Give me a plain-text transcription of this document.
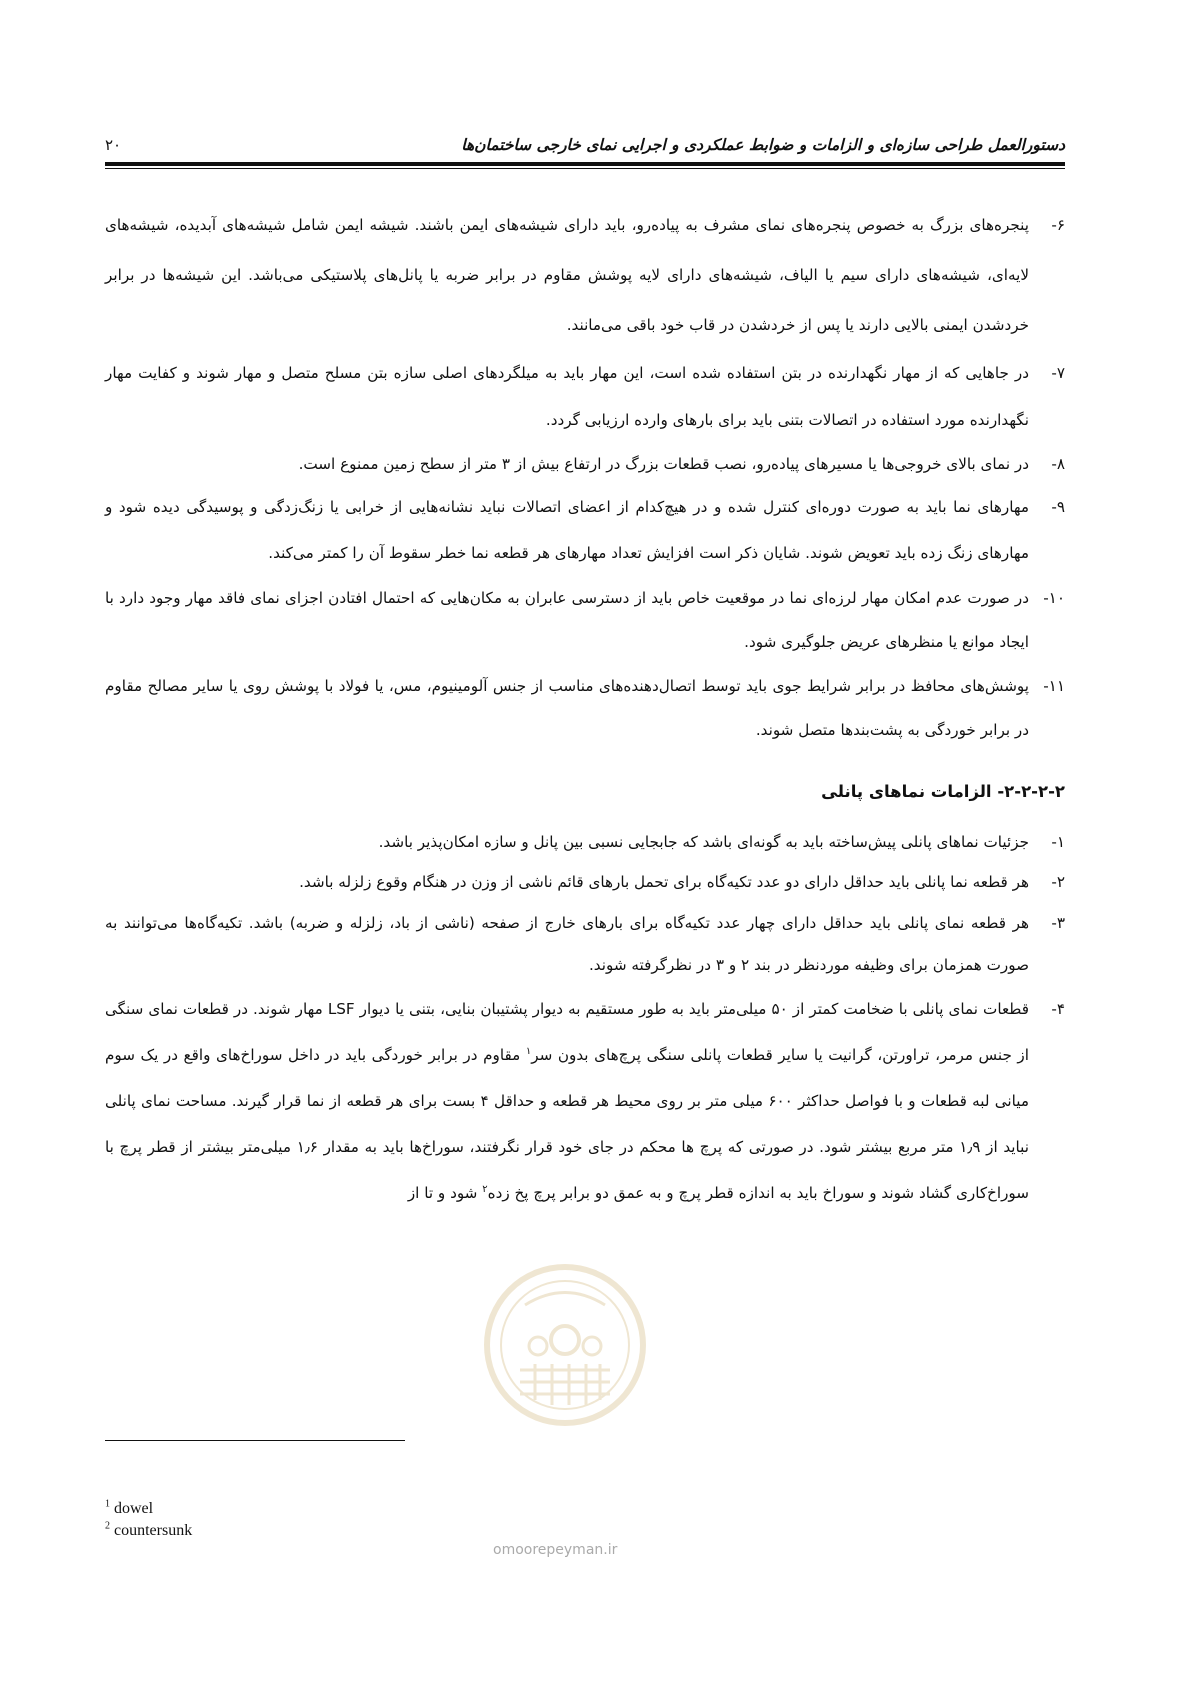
دستورالعمل طراحی سازه‌ای و الزامات و ضوابط عملکردی و اجرایی نمای خارجی ساختمان‌ها
۲۰
۶-
پنجره‌های بزرگ به خصوص پنجره‌های نمای مشرف به پیاده‌رو، باید دارای شیشه‌های ایمن باشند. شیشه ایمن شامل شیشه‌های آبدیده، شیشه‌های لایه‌ای، شیشه‌های دارای سیم یا الیاف، شیشه‌های دارای لایه پوشش مقاوم در برابر ضربه یا پانل‌های پلاستیکی می‌باشد. این شیشه‌ها در برابر خردشدن ایمنی بالایی دارند یا پس از خردشدن در قاب خود باقی می‌مانند.
۷-
در جاهایی که از مهار نگهدارنده در بتن استفاده شده است، این مهار باید به میلگردهای اصلی سازه بتن مسلح متصل و مهار شوند و کفایت مهار نگهدارنده مورد استفاده در اتصالات بتنی باید برای بارهای وارده ارزیابی گردد.
۸-
در نمای بالای خروجی‌ها یا مسیرهای پیاده‌رو، نصب قطعات بزرگ در ارتفاع بیش از ۳ متر از سطح زمین ممنوع است.
۹-
مهارهای نما باید به صورت دوره‌ای کنترل شده و در هیچ‌کدام از اعضای اتصالات نباید نشانه‌هایی از خرابی یا زنگ‌زدگی و پوسیدگی دیده شود و مهارهای زنگ زده باید تعویض شوند. شایان ذکر است افزایش تعداد مهارهای هر قطعه نما خطر سقوط آن را کمتر می‌کند.
۱۰-
در صورت عدم امکان مهار لرزه‌ای نما در موقعیت خاص باید از دسترسی عابران به مکان‌هایی که احتمال افتادن اجزای نمای فاقد مهار وجود دارد با ایجاد موانع یا منظرهای عریض جلوگیری شود.
۱۱-
پوشش‌های محافظ در برابر شرایط جوی باید توسط اتصال‌دهنده‌های مناسب از جنس آلومینیوم، مس، یا فولاد با پوشش روی یا سایر مصالح مقاوم در برابر خوردگی به پشت‌بندها متصل شوند.
۲-۲-۲-۲- الزامات نماهای پانلی
۱-
جزئیات نماهای پانلی پیش‌ساخته باید به گونه‌ای باشد که جابجایی نسبی بین پانل و سازه امکان‌پذیر باشد.
۲-
هر قطعه نما پانلی باید حداقل دارای دو عدد تکیه‌گاه برای تحمل بارهای قائم ناشی از وزن در هنگام وقوع زلزله باشد.
۳-
هر قطعه نمای پانلی باید حداقل دارای چهار عدد تکیه‌گاه برای بارهای خارج از صفحه (ناشی از باد، زلزله و ضربه) باشد. تکیه‌گاه‌ها می‌توانند به صورت همزمان برای وظیفه موردنظر در بند ۲ و ۳ در نظرگرفته شوند.
۴-
قطعات نمای پانلی با ضخامت کمتر از ۵۰ میلی‌متر باید به طور مستقیم به دیوار پشتیبان بنایی، بتنی یا دیوار LSF مهار شوند. در قطعات نمای سنگی از جنس مرمر، تراورتن، گرانیت یا سایر قطعات پانلی سنگی پرچ‌های بدون سر$^۱$ مقاوم در برابر خوردگی باید در داخل سوراخ‌های واقع در یک سوم میانی لبه قطعات و با فواصل حداکثر ۶۰۰ میلی متر بر روی محیط هر قطعه و حداقل ۴ بست برای هر قطعه از نما قرار گیرند. مساحت نمای پانلی نباید از ۱٫۹ متر مربع بیشتر شود. در صورتی که پرچ ها محکم در جای خود قرار نگرفتند، سوراخ‌ها باید به مقدار ۱٫۶ میلی‌متر بیشتر از قطر پرچ با سوراخ‌کاری گشاد شوند و سوراخ باید به اندازه قطر پرچ و به عمق دو برابر پرچ پخ زده$^۲$ شود و تا از
omoorepeyman.ir
$^1$ dowel
$^2$ countersunk
